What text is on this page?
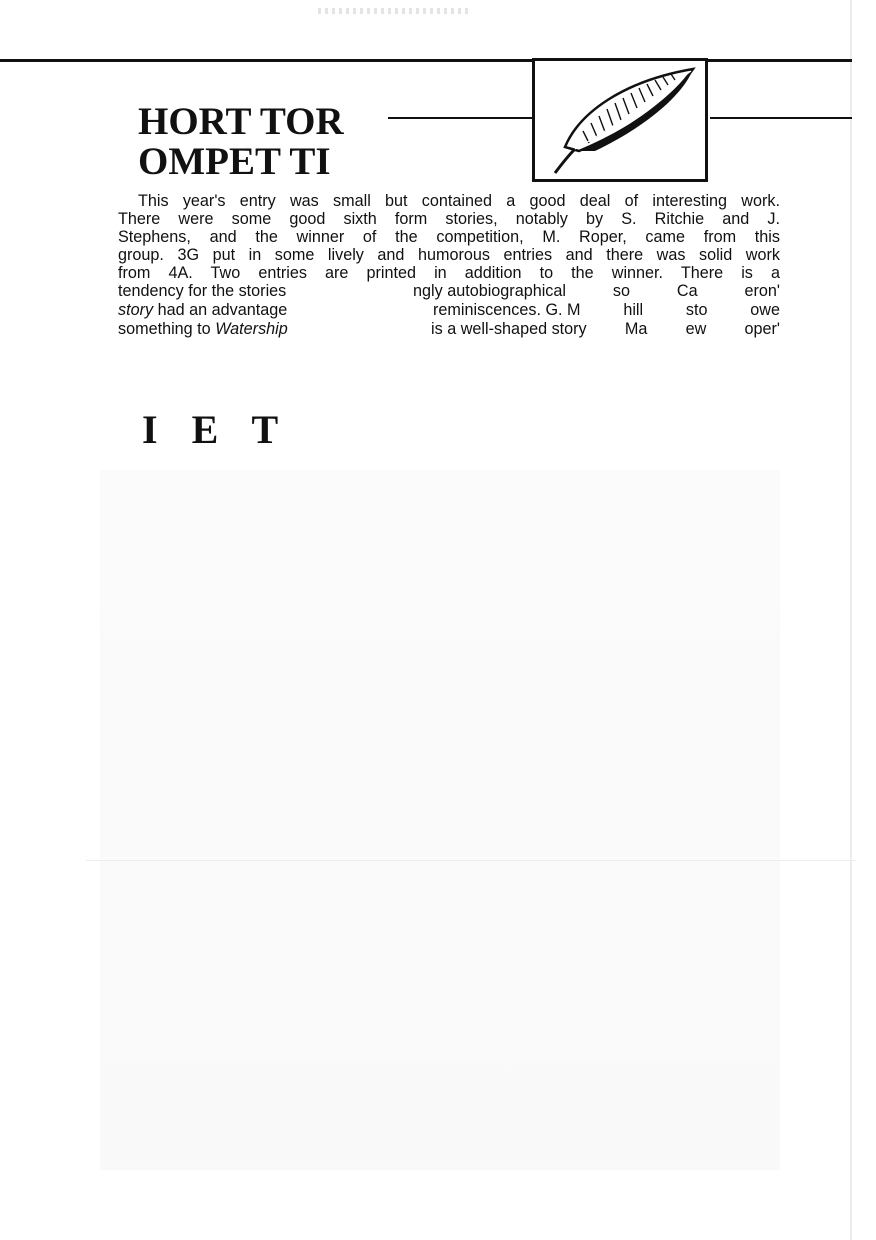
HORT TOR
OMPET TI

This year's entry was small but contained a good deal of interesting work.

There were some good sixth form stories, notably by S. Ritchie and J.

Stephens, and the winner of the competition, M. Roper, came from this

group. 3G put in some lively and humorous entries and there was solid work

from 4A. Two entries are printed in addition to the winner. There is a

tendency for the stories	ngly autobiographical	so	Ca	eron'
story had an advantage	reminiscences. G. M	hill	sto	owe
something to Watership	is a well-shaped story Ma ew oper'
I E T
